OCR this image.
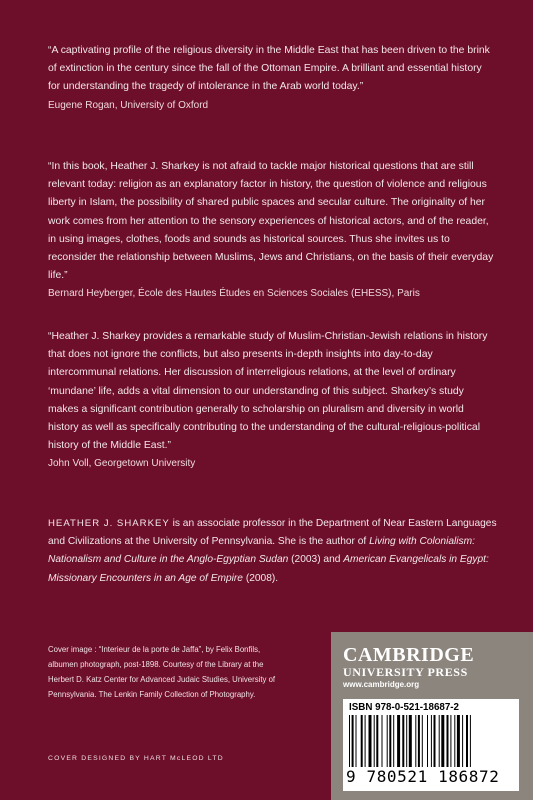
“A captivating profile of the religious diversity in the Middle East that has been driven to the brink of extinction in the century since the fall of the Ottoman Empire. A brilliant and essential history for understanding the tragedy of intolerance in the Arab world today.”

Eugene Rogan, University of Oxford

“In this book, Heather J. Sharkey is not afraid to tackle major historical questions that are still relevant today: religion as an explanatory factor in history, the question of violence and religious liberty in Islam, the possibility of shared public spaces and secular culture. The originality of her work comes from her attention to the sensory experiences of historical actors, and of the reader, in using images, clothes, foods and sounds as historical sources. Thus she invites us to reconsider the relationship between Muslims, Jews and Christians, on the basis of their everyday life.”

Bernard Heyberger, École des Hautes Études en Sciences Sociales (EHESS), Paris

“Heather J. Sharkey provides a remarkable study of Muslim-Christian-Jewish relations in history that does not ignore the conflicts, but also presents in-depth insights into day-to-day intercommunal relations. Her discussion of interreligious relations, at the level of ordinary ‘mundane’ life, adds a vital dimension to our understanding of this subject. Sharkey’s study makes a significant contribution generally to scholarship on pluralism and diversity in world history as well as specifically contributing to the understanding of the cultural-religious-political history of the Middle East.”

John Voll, Georgetown University

HEATHER J. SHARKEY is an associate professor in the Department of Near Eastern Languages and Civilizations at the University of Pennsylvania. She is the author of Living with Colonialism: Nationalism and Culture in the Anglo-Egyptian Sudan (2003) and American Evangelicals in Egypt: Missionary Encounters in an Age of Empire (2008).
Cover image : “Interieur de la porte de Jaffa”, by Felix Bonfils, albumen photograph, post-1898. Courtesy of the Library at the Herbert D. Katz Center for Advanced Judaic Studies, University of Pennsylvania. The Lenkin Family Collection of Photography.
COVER DESIGNED BY HART McLEOD LTD
CAMBRIDGE
UNIVERSITY PRESS
www.cambridge.org
ISBN 978-0-521-18687-2
9 780521 186872
